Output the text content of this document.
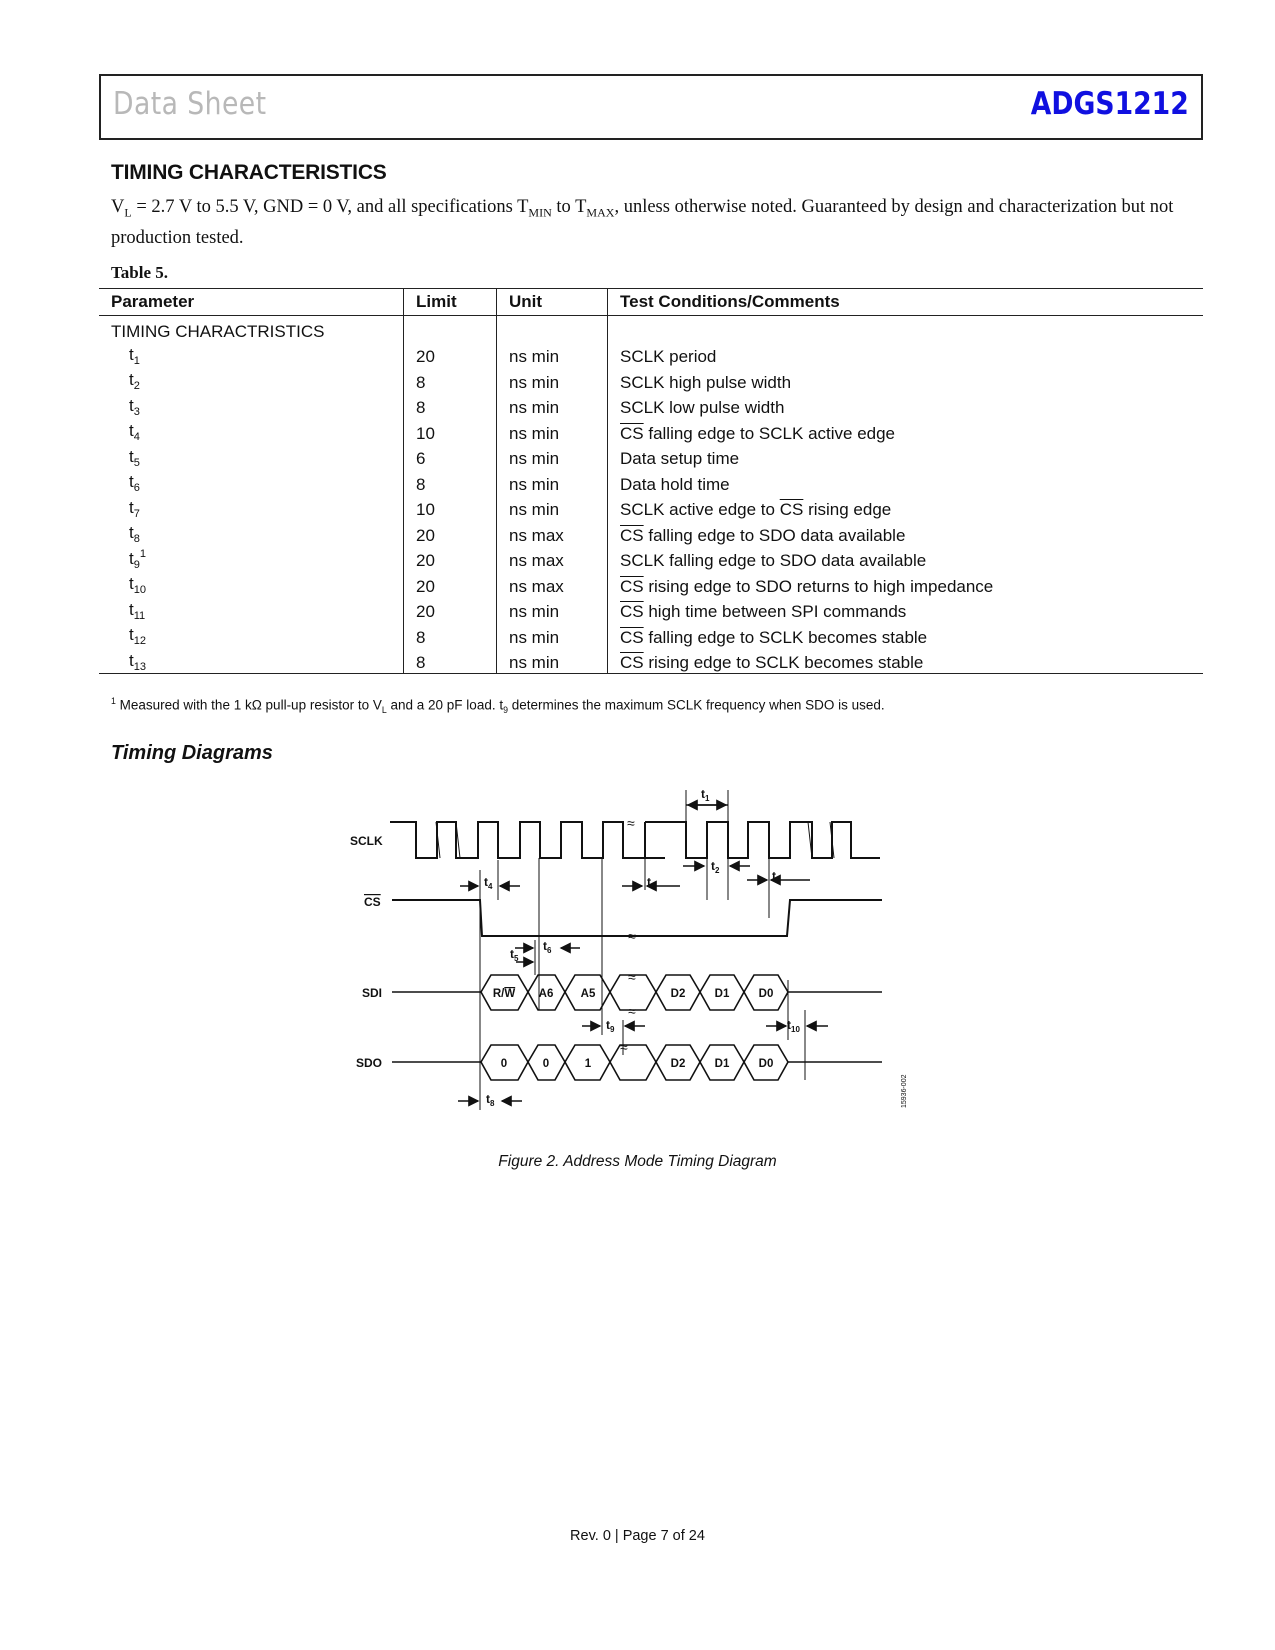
Data Sheet	ADGS1212
TIMING CHARACTERISTICS
$V_L = 2.7$ V to 5.5 V, GND = 0 V, and all specifications $T_{MIN}$ to $T_{MAX}$, unless otherwise noted. Guaranteed by design and characterization but not production tested.
Table 5.
Parameter	Limit	Unit	Test Conditions/Comments
TIMING CHARACTRISTICS			
$t_1$	20	ns min	SCLK period
$t_2$	8	ns min	SCLK high pulse width
$t_3$	8	ns min	SCLK low pulse width
$t_4$	10	ns min	$\overline{CS}$ falling edge to SCLK active edge
$t_5$	6	ns min	Data setup time
$t_6$	8	ns min	Data hold time
$t_7$	10	ns min	SCLK active edge to $\overline{CS}$ rising edge
$t_8$	20	ns max	$\overline{CS}$ falling edge to SDO data available
$t_9^1$	20	ns max	SCLK falling edge to SDO data available
$t_{10}$	20	ns max	$\overline{CS}$ rising edge to SDO returns to high impedance
$t_{11}$	20	ns min	$\overline{CS}$ high time between SPI commands
$t_{12}$	8	ns min	$\overline{CS}$ falling edge to SCLK becomes stable
$t_{13}$	8	ns min	$\overline{CS}$ rising edge to SCLK becomes stable
$^1$ Measured with the 1 kΩ pull-up resistor to $V_L$ and a 20 pF load. $t_9$ determines the maximum SCLK frequency when SDO is used.
Timing Diagrams
SCLK
CS
SDI
SDO
≈
≈
≈
≈
≈
R/W A6 A5	D2	D1	D0
0	0	1	D2	D1	D0
$t_1$
$t_2$
$t_3$
$t_4$
$t_5$
$t_6$
$t_7$
$t_8$
$t_9$	$t_{10}$
15936-002
Figure 2. Address Mode Timing Diagram
Rev. 0 | Page 7 of 24
